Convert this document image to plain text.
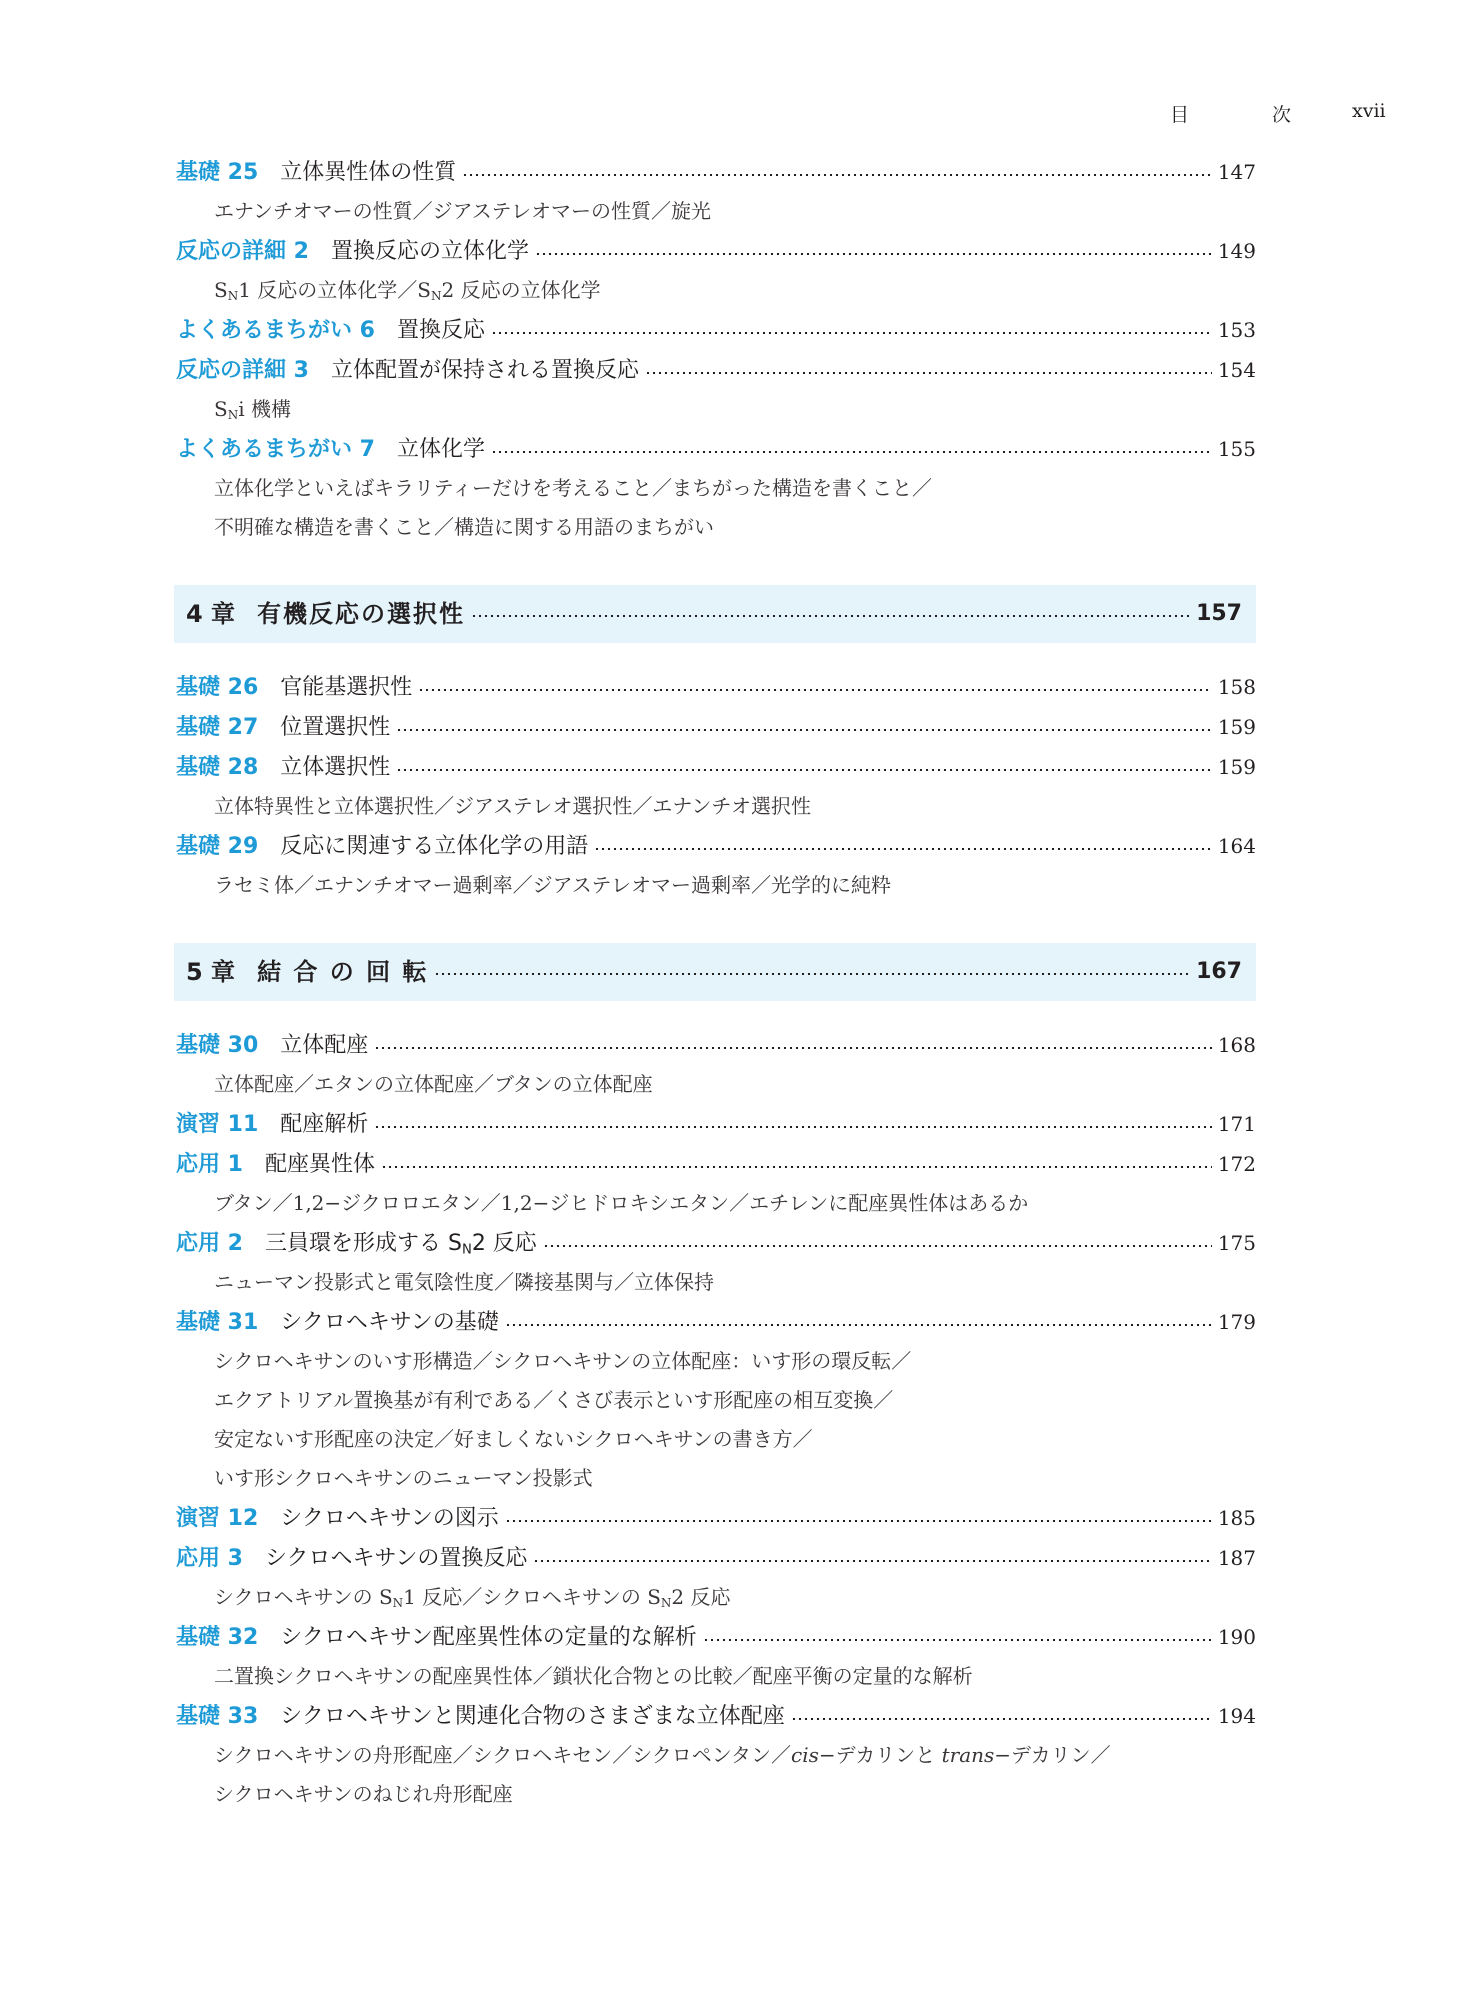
目	次	xvii
基礎 25 立体異性体の性質	147
エナンチオマーの性質／ジアステレオマーの性質／旋光
反応の詳細 2 置換反応の立体化学	149
$S_N1$ 反応の立体化学$/S_N2$ 反応の立体化学
よくあるまちがい 6 置換反応	153
反応の詳細 3 立体配置が保持される置換反応	154
$S_Ni$ 機構
よくあるまちがい 7 立体化学	155
立体化学といえばキラリティーだけを考えること／まちがった構造を書くこと／
不明確な構造を書くこと／構造に関する用語のまちがい
4 章 有機反応の選択性	157
基礎 26 官能基選択性	158
基礎 27 位置選択性	159
基礎 28 立体選択性	159
立体特異性と立体選択性／ジアステレオ選択性／エナンチオ選択性
基礎 29 反応に関連する立体化学の用語	164
ラセミ体／エナンチオマー過剰率／ジアステレオマー過剰率／光学的に純粋
5 章 結 合 の 回 転	167
基礎 30 立体配座	168
立体配座／エタンの立体配座／ブタンの立体配座
演習 11 配座解析	171
応用 1 配座異性体	172
ブタン／1,2−ジクロロエタン／1,2−ジヒドロキシエタン／エチレンに配座異性体はあるか
応用 2 三員環を形成する $S_N2$ 反応	175
ニューマン投影式と電気陰性度／隣接基関与／立体保持
基礎 31 シクロヘキサンの基礎	179
シクロヘキサンのいす形構造／シクロヘキサンの立体配座：いす形の環反転／
エクアトリアル置換基が有利である／くさび表示といす形配座の相互変換／
安定ないす形配座の決定／好ましくないシクロヘキサンの書き方／
いす形シクロヘキサンのニューマン投影式
演習 12 シクロヘキサンの図示	185
応用 3 シクロヘキサンの置換反応	187
シクロヘキサンの $S_N1$ 反応／シクロヘキサンの $S_N2$ 反応
基礎 32 シクロヘキサン配座異性体の定量的な解析	190
二置換シクロヘキサンの配座異性体／鎖状化合物との比較／配座平衡の定量的な解析
基礎 33 シクロヘキサンと関連化合物のさまざまな立体配座	194
シクロヘキサンの舟形配座／シクロヘキセン／シクロペンタン／cis−デカリンと trans−デカリン／
シクロヘキサンのねじれ舟形配座
